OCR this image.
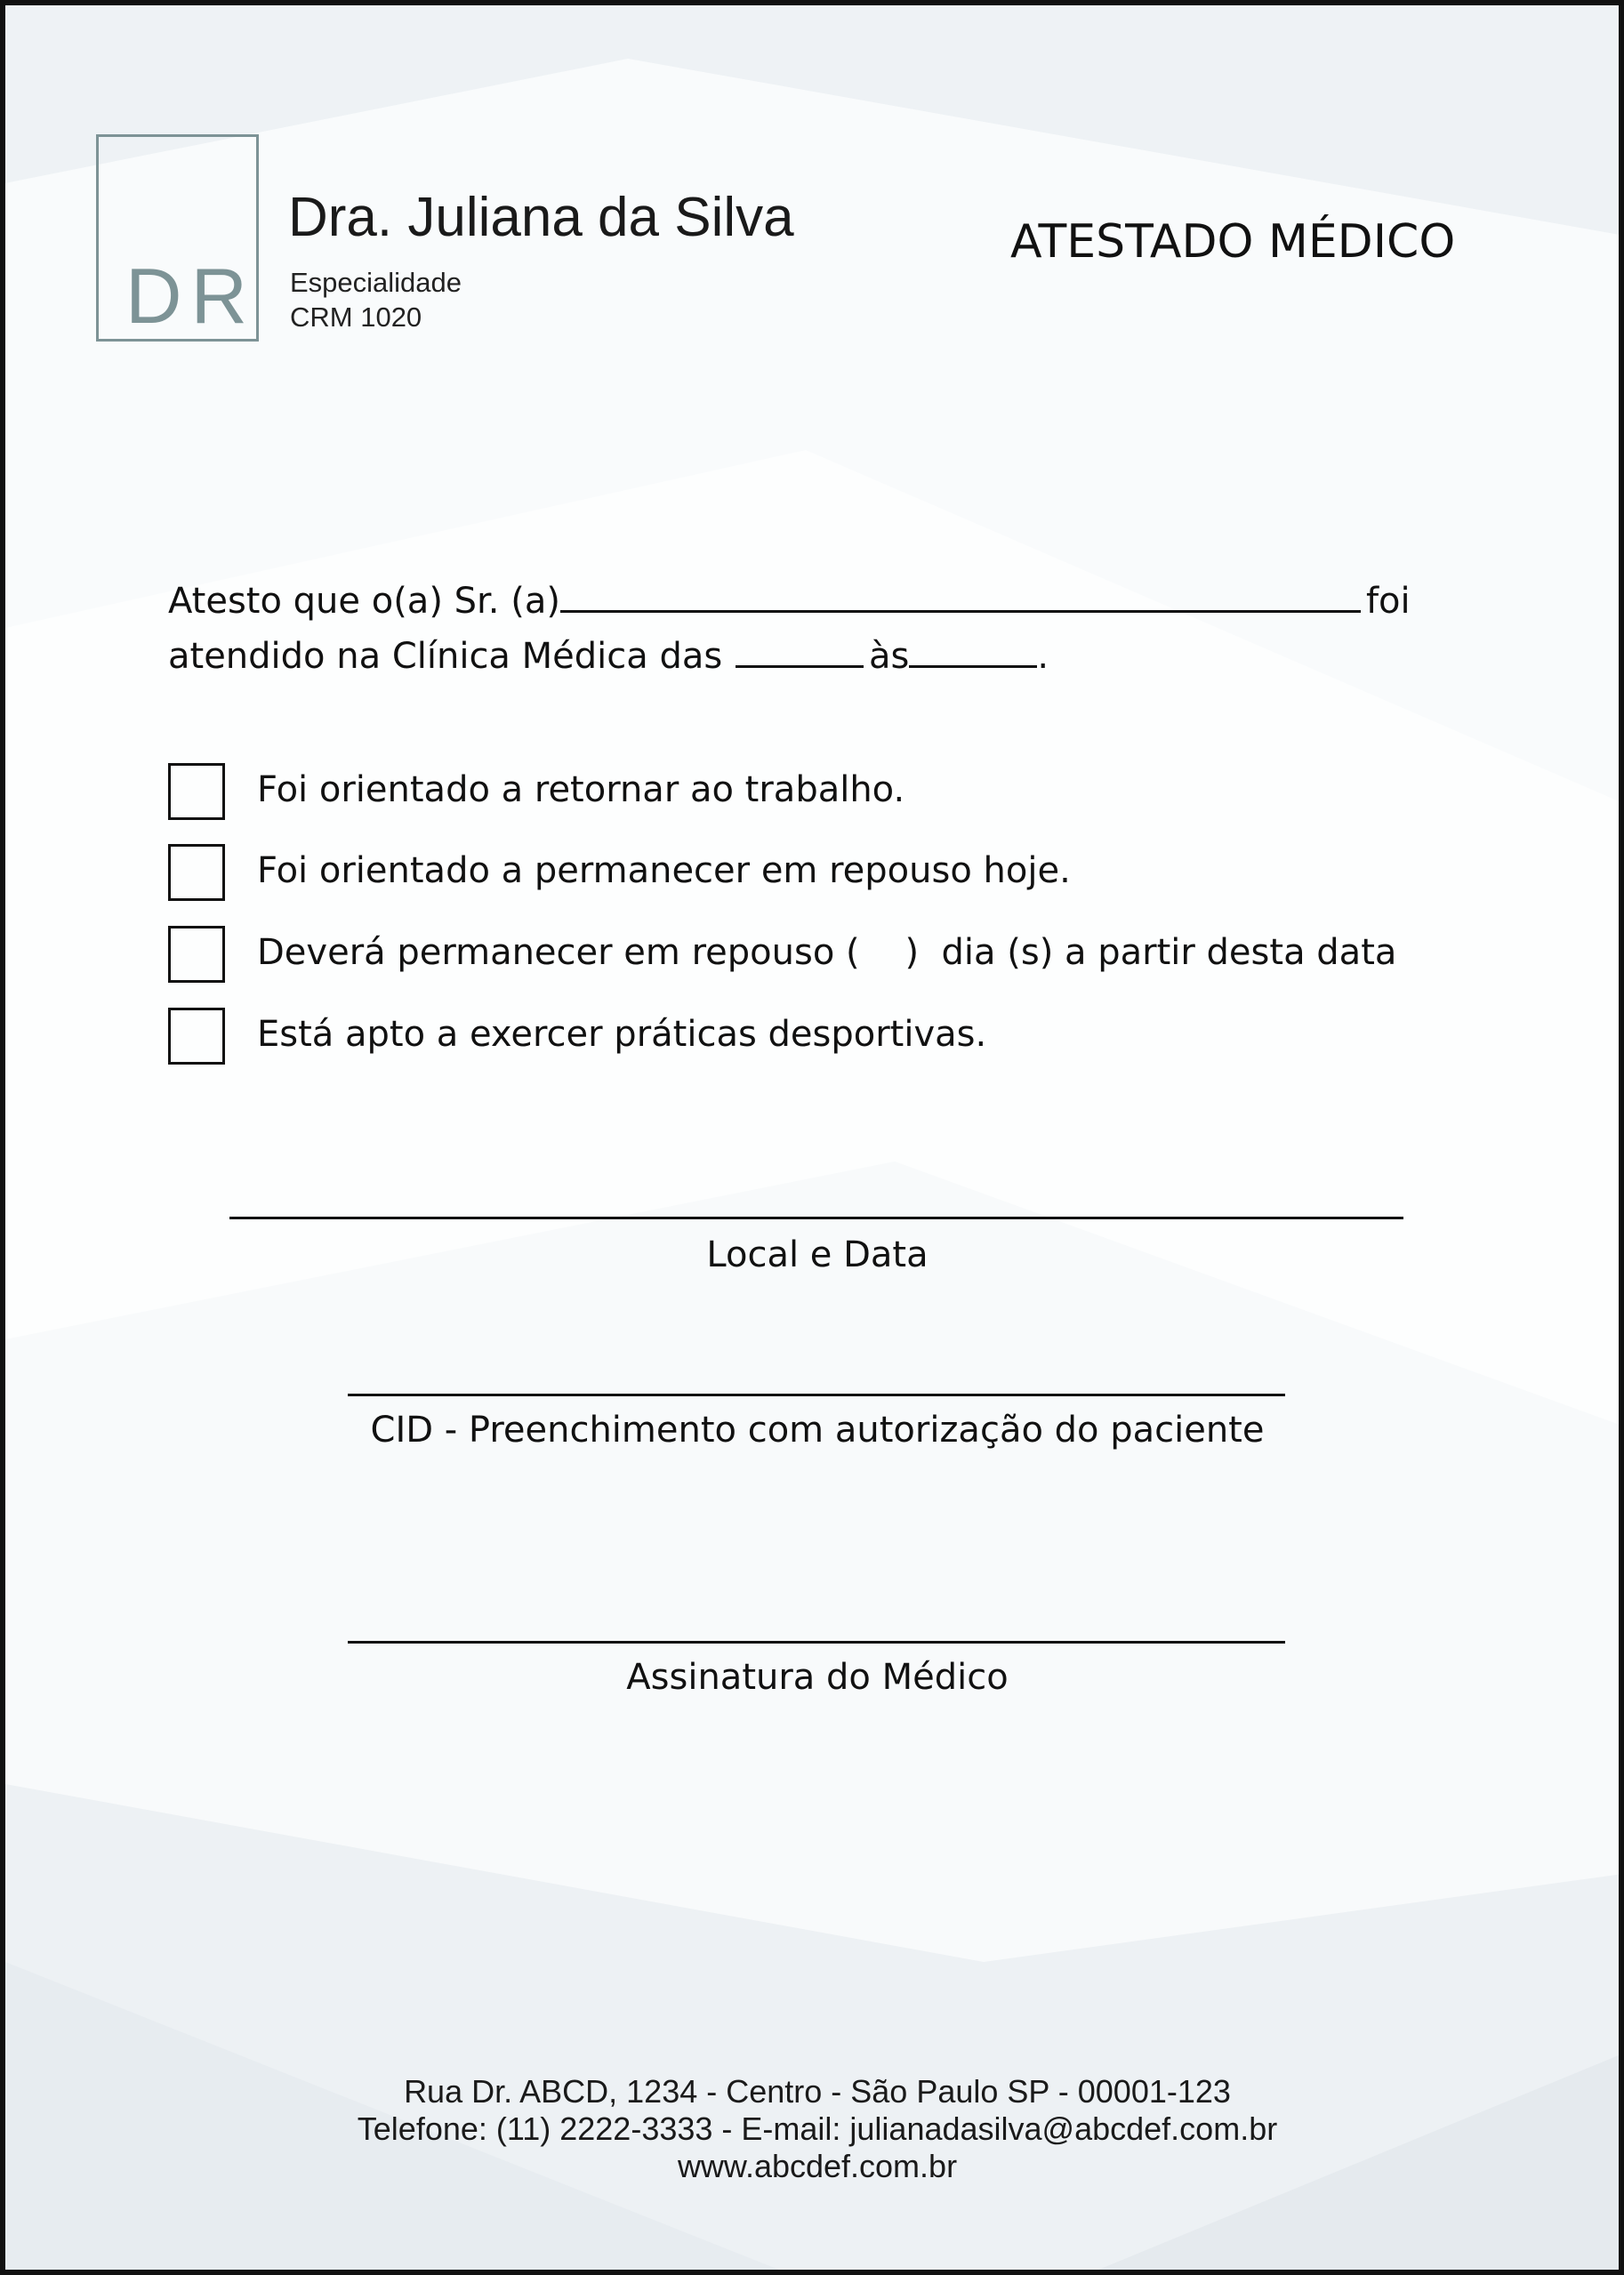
DR
Dra. Juliana da Silva
Especialidade
CRM 1020
ATESTADO MÉDICO
Atesto que o(a) Sr. (a)	foi
atendido na Clínica Médica das	às	.
Foi orientado a retornar ao trabalho.
Foi orientado a permanecer em repouso hoje.
Deverá permanecer em repouso (    )  dia (s) a partir desta data
Está apto a exercer práticas desportivas.
Local e Data
CID - Preenchimento com autorização do paciente
Assinatura do Médico
Rua Dr. ABCD, 1234 - Centro - São Paulo SP - 00001-123
Telefone: (11) 2222-3333 - E-mail: julianadasilva@abcdef.com.br
www.abcdef.com.br
